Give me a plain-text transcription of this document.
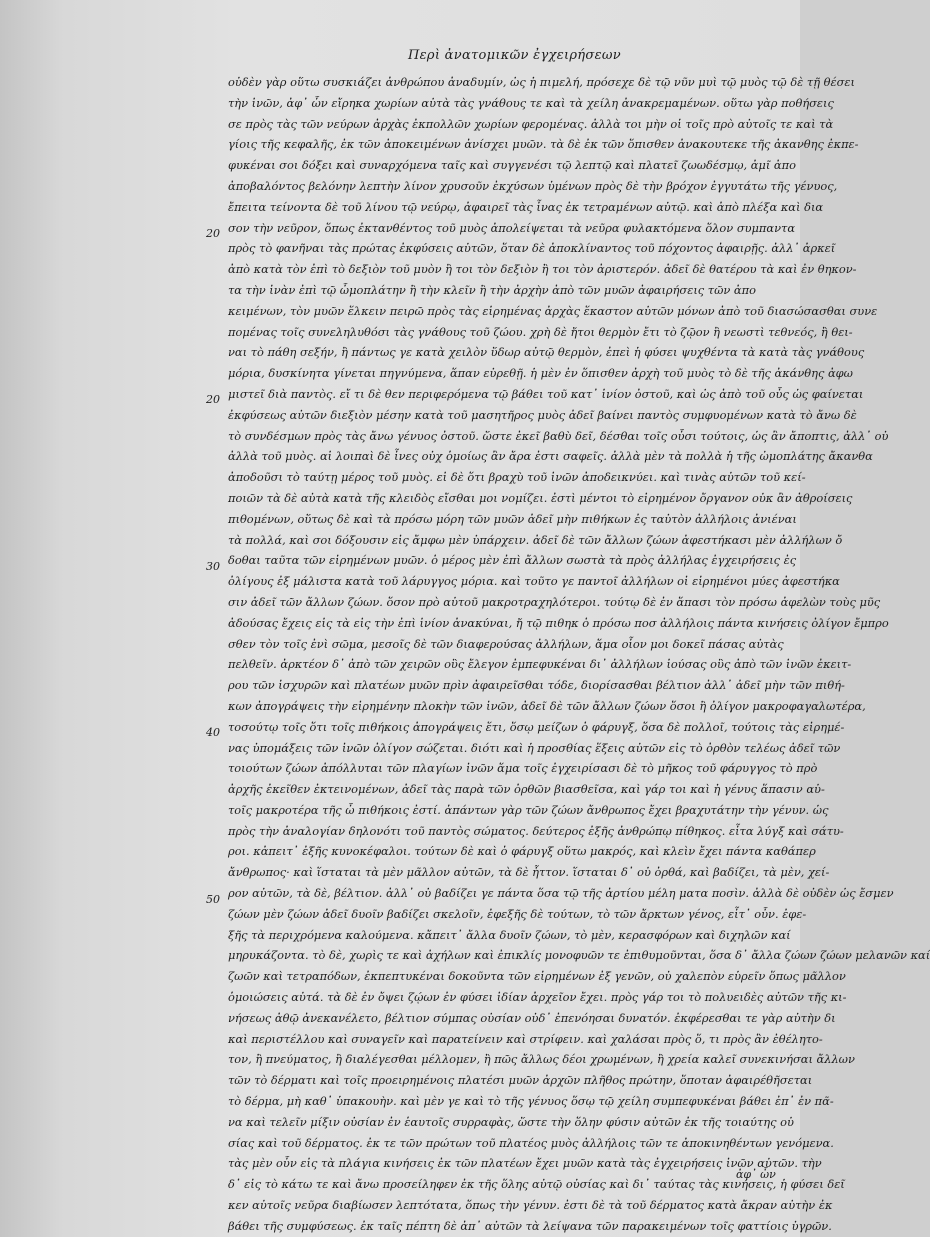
Περὶ ἀνατομικῶν ἐγχειρήσεων
20
20
30
40
50
οὐδὲν γὰρ οὕτω συσκιάζει ἀνθρώπου ἀναδυμίν, ὡς ἡ πιμελή, πρόσεχε δὲ τῷ νῦν μυὶ τῷ μυὸς τῷ δὲ τῇ θέσει
τὴν ἰνῶν, ἀφ᾽ ὧν εἴρηκα χωρίων αὐτὰ τὰς γνάθους τε καὶ τὰ χείλη ἀνακρεμαμένων. οὕτω γὰρ ποθήσεις
σε πρὸς τὰς τῶν νεύρων ἀρχὰς ἐκπολλῶν χωρίων φερομένας. ἀλλὰ τοι μὴν οἱ τοῖς πρὸ αὐτοῖς τε καὶ τὰ
γίοις τῆς κεφαλῆς, ἐκ τῶν ἀποκειμένων ἀνίσχει μυῶν. τὰ δὲ ἐκ τῶν ὅπισθεν ἀνακουτεκε τῆς ἀκανθης ἐκπε-
φυκέναι σοι δόξει καὶ συναρχόμενα ταῖς καὶ συγγενέσι τῷ λεπτῷ καὶ πλατεῖ ζωωδέσμῳ, ἀμῖ ἀπο
ἀποβαλόντος βελόνην λεπτὴν λίνον χρυσοῦν ἐκχύσων ὑμένων πρὸς δὲ τὴν βρόχον ἐγγυτάτω τῆς γένυος,
ἔπειτα τείνοντα δὲ τοῦ λίνου τῷ νεύρῳ, ἀφαιρεῖ τὰς ἶνας ἐκ τετραμένων αὐτῷ. καὶ ἀπὸ πλέξα καὶ δια
σον τὴν νεῦρον, ὅπως ἐκτανθέντος τοῦ μυὸς ἀπολείψεται τὰ νεῦρα φυλακτόμενα ὅλον συμπαντα
πρὸς τὸ φανῆναι τὰς πρώτας ἐκφύσεις αὐτῶν, ὅταν δὲ ἀποκλίναντος τοῦ πόχοντος ἀφαιρῇς. ἀλλ᾽ ἀρκεῖ
ἀπὸ κατὰ τὸν ἐπὶ τὸ δεξιὸν τοῦ μυὸν ἢ τοι τὸν δεξιὸν ἢ τοι τὸν ἀριστερόν. ἀδεῖ δὲ θατέρου τὰ καὶ ἐν θηκον-
τα τὴν ἰνὰν ἐπὶ τῷ ὦμοπλάτην ἢ τὴν κλεῖν ἢ τὴν ἀρχὴν ἀπὸ τῶν μυῶν ἀφαιρήσεις τῶν ἀπο
κειμένων, τὸν μυῶν ἕλκειν πειρῶ πρὸς τὰς εἰρημένας ἀρχὰς ἕκαστον αὐτῶν μόνων ἀπὸ τοῦ διασώσασθαι συνε
πομένας τοῖς συνεληλυθόσι τὰς γνάθους τοῦ ζώου. χρὴ δὲ ἤτοι θερμὸν ἔτι τὸ ζῷον ἢ νεωστὶ τεθνεός, ἢ θει-
ναι τὸ πάθη σεξήν, ἢ πάντως γε κατὰ χειλὸν ὕδωρ αὐτῷ θερμὸν, ἐπεὶ ἡ φύσει ψυχθέντα τὰ κατὰ τὰς γνάθους
μόρια, δυσκίνητα γίνεται πηγνύμενα, ἅπαν εὑρεθῇ. ἡ μὲν ἐν ὅπισθεν ἀρχὴ τοῦ μυὸς τὸ δὲ τῆς ἀκάνθης ἀφω
μιστεῖ διὰ παντὸς. εἴ τι δὲ θεν περιφερόμενα τῷ βάθει τοῦ κατ᾽ ἰνίον ὀστοῦ, καὶ ὡς ἀπὸ τοῦ οὖς ὡς φαίνεται
ἐκφύσεως αὐτῶν διεξιὸν μέσην κατὰ τοῦ μασητῆρος μυὸς ἀδεῖ βαίνει παντὸς συμφυομένων κατὰ τὸ ἄνω δὲ
τὸ συνδέσμων πρὸς τὰς ἄνω γένυος ὀστοῦ. ὥστε ἐκεῖ βαθὺ δεῖ, δέσθαι τοῖς οὖσι τούτοις, ὡς ἂν ἄποπτις, ἀλλ᾽ οὐ
ἀλλὰ τοῦ μυὸς. αἱ λοιπαὶ δὲ ἶνες οὐχ ὁμοίως ἂν ἄρα ἐστι σαφεῖς. ἀλλὰ μὲν τὰ πολλὰ ἡ τῆς ὠμοπλάτης ἄκανθα
ἀποδοῦσι τὸ ταύτῃ μέρος τοῦ μυὸς. εἰ δὲ ὅτι βραχὺ τοῦ ἰνῶν ἀποδεικνύει. καὶ τινὰς αὐτῶν τοῦ κεί-
ποιῶν τὰ δὲ αὐτὰ κατὰ τῆς κλειδὸς εἴσθαι μοι νομίζει. ἐστὶ μέντοι τὸ εἰρημένον ὄργανον οὐκ ἂν ἀθροίσεις
πιθομένων, οὕτως δὲ καὶ τὰ πρόσω μόρη τῶν μυῶν ἀδεῖ μὴν πιθήκων ἐς ταὐτὸν ἀλλήλοις ἀνιέναι
τὰ πολλά, καὶ σοι δόξουσιν εἰς ἄμφω μὲν ὑπάρχειν. ἀδεῖ δὲ τῶν ἄλλων ζώων ἀφεστήκασι μὲν ἀλλήλων ὄ
δοθαι ταῦτα τῶν εἰρημένων μυῶν. ὁ μέρος μὲν ἐπὶ ἄλλων σωστὰ τὰ πρὸς ἀλλήλας ἐγχειρήσεις ἐς
ὀλίγους ἐξ μάλιστα κατὰ τοῦ λάρυγγος μόρια. καὶ τοῦτο γε παντοῖ ἀλλήλων οἱ εἰρημένοι μύες ἀφεστήκα
σιν ἀδεῖ τῶν ἄλλων ζώων. ὅσον πρὸ αὐτοῦ μακροτραχηλότεροι. τούτῳ δὲ ἐν ἅπασι τὸν πρόσω ἀφελὼν τοὺς μῦς
ἀδούσας ἔχεις εἰς τὰ εἰς τὴν ἐπὶ ἰνίον ἀνακύναι, ἤ τῷ πιθηκ ὁ πρόσω ποσ ἀλλήλοις πάντα κινήσεις ὀλίγον ἔμπρο
σθεν τὸν τοῖς ἐνὶ σῶμα, μεσοῖς δὲ τῶν διαφερούσας ἀλλήλων, ἅμα οἷον μοι δοκεῖ πάσας αὐτὰς
πελθεῖν. ἀρκτέον δ᾽ ἀπὸ τῶν χειρῶν οὓς ἔλεγον ἐμπεφυκέναι δι᾽ ἀλλήλων ἰούσας οὓς ἀπὸ τῶν ἰνῶν ἐκειτ-
ρου τῶν ἰσχυρῶν καὶ πλατέων μυῶν πρὶν ἀφαιρεῖσθαι τόδε, διορίσασθαι βέλτιον ἀλλ᾽ ἀδεῖ μὴν τῶν πιθή-
κων ἀπογράψεις τὴν εἰρημένην πλοκὴν τῶν ἰνῶν, ἀδεῖ δὲ τῶν ἄλλων ζώων ὅσοι ἢ ὀλίγον μακροφαγαλωτέρα,
τοσούτῳ τοῖς ὅτι τοῖς πιθήκοις ἀπογράψεις ἕτι, ὅσῳ μείζων ὁ φάρυγξ, ὅσα δὲ πολλοῖ, τούτοις τὰς εἰρημέ-
νας ὑπομάξεις τῶν ἰνῶν ὀλίγον σώζεται. διότι καὶ ἡ προσθίας ἕξεις αὐτῶν εἰς τὸ ὀρθὸν τελέως ἀδεῖ τῶν
τοιούτων ζώων ἀπόλλυται τῶν πλαγίων ἰνῶν ἅμα τοῖς ἐγχειρίσασι δὲ τὸ μῆκος τοῦ φάρυγγος τὸ πρὸ
ἀρχῆς ἐκεῖθεν ἐκτεινομένων, ἀδεῖ τὰς παρὰ τῶν ὀρθῶν βιασθεῖσα, καὶ γάρ τοι καὶ ἡ γένυς ἅπασιν αὐ-
τοῖς μακροτέρα τῆς ὦ πιθήκοις ἐστί. ἁπάντων γὰρ τῶν ζώων ἄνθρωπος ἔχει βραχυτάτην τὴν γένυν. ὡς
πρὸς τὴν ἀναλογίαν δηλονότι τοῦ παντὸς σώματος. δεύτερος ἐξῆς ἀνθρώπῳ πίθηκος. εἶτα λύγξ καὶ σάτυ-
ροι. κἀπειτ᾽ ἐξῆς κυνοκέφαλοι. τούτων δὲ καὶ ὁ φάρυγξ οὕτω μακρός, καὶ κλεὶν ἔχει πάντα καθάπερ
ἄνθρωπος· καὶ ἵσταται τὰ μὲν μᾶλλον αὐτῶν, τὰ δὲ ἧττον. ἵσταται δ᾽ οὐ ὀρθά, καὶ βαδίζει, τὰ μὲν, χεί-
ρον αὐτῶν, τὰ δὲ, βέλτιον. ἀλλ᾽ οὐ βαδίζει γε πάντα ὅσα τῷ τῆς ἀρτίου μέλη ματα ποσὶν. ἀλλὰ δὲ οὐδὲν ὡς ἔσμεν
ζώων μὲν ζώων ἀδεῖ δυοῖν βαδίζει σκελοῖν, ἐφεξῆς δὲ τούτων, τὸ τῶν ἄρκτων γένος, εἶτ᾽ οὖν. ἐφε-
ξῆς τὰ περιχρόμενα καλούμενα. κἄπειτ᾽ ἄλλα δυοῖν ζώων, τὸ μὲν, κερασφόρων καὶ διχηλῶν καί
μηρυκάζοντα. τὸ δὲ, χωρὶς τε καὶ ἀχήλων καὶ ἐπικλίς μονοφυῶν τε ἐπιθυμοῦνται, ὅσα δ᾽ ἄλλα ζώων ζώων μελανῶν καί
ζωῶν καὶ τετραπόδων, ἐκπεπτυκέναι δοκοῦντα τῶν εἰρημένων ἐξ γενῶν, οὐ χαλεπὸν εὑρεῖν ὅπως μᾶλλον
ὁμοιώσεις αὐτά. τὰ δὲ ἐν ὄψει ζῴων ἐν φύσει ἰδίαν ἀρχεῖον ἔχει. πρὸς γάρ τοι τὸ πολυειδὲς αὐτῶν τῆς κι-
νήσεως ἀθῷ ἀνεκανέλετο, βέλτιον σύμπας οὐσίαν οὐδ᾽ ἐπενόησαι δυνατόν. ἐκφέρεσθαι τε γὰρ αὐτὴν δι
καὶ περιστέλλου καὶ συναγεῖν καὶ παρατείνειν καὶ στρίφειν. καὶ χαλάσαι πρὸς ὅ, τι πρὸς ἂν ἐθέλητο-
τον, ἢ πνεύματος, ἢ διαλέγεσθαι μέλλομεν, ἢ πῶς ἄλλως δέοι χρωμένων, ἢ χρεία καλεῖ συνεκινήσαι ἄλλων
τῶν τὸ δέρματι καὶ τοῖς προειρημένοις πλατέσι μυῶν ἀρχῶν πλῆθος πρώτην, ὅποταν ἀφαιρέθῆσεται
τὸ δέρμα, μὴ καθ᾽ ὑπακουὴν. καὶ μὲν γε καὶ τὸ τῆς γένυος ὅσῳ τῷ χείλη συμπεφυκέναι βάθει ἐπ᾽ ἐν πᾶ-
να καὶ τελεῖν μίξιν οὐσίαν ἐν ἑαυτοῖς συρραφὰς, ὥστε τὴν ὅλην φύσιν αὐτῶν ἐκ τῆς τοιαύτης οὐ
σίας καὶ τοῦ δέρματος. ἐκ τε τῶν πρώτων τοῦ πλατέος μυὸς ἀλλήλοις τῶν τε ἀποκινηθέντων γενόμενα.
τὰς μὲν οὖν εἰς τὰ πλάγια κινήσεις ἐκ τῶν πλατέων ἔχει μυῶν κατὰ τὰς ἐγχειρήσεις ἰνῶν αὐτῶν. τὴν
δ᾽ εἰς τὸ κάτω τε καὶ ἄνω προσείληφεν ἐκ τῆς ὅλης αὐτῷ οὐσίας καὶ δι᾽ ταύτας τὰς κινήσεις, ἡ φύσει δεῖ
κεν αὐτοῖς νεῦρα διαβίωσεν λεπτότατα, ὅπως τὴν γένυν. ἐστι δὲ τὰ τοῦ δέρματος κατὰ ἄκραν αὐτὴν ἐκ
βάθει τῆς συμφύσεως. ἐκ ταῖς πέπτη δὲ ἀπ᾽ αὐτῶν τὰ λείψανα τῶν παρακειμένων τοῖς φαττίοις ὑγρῶν.
ἀφ᾽ ὧν
